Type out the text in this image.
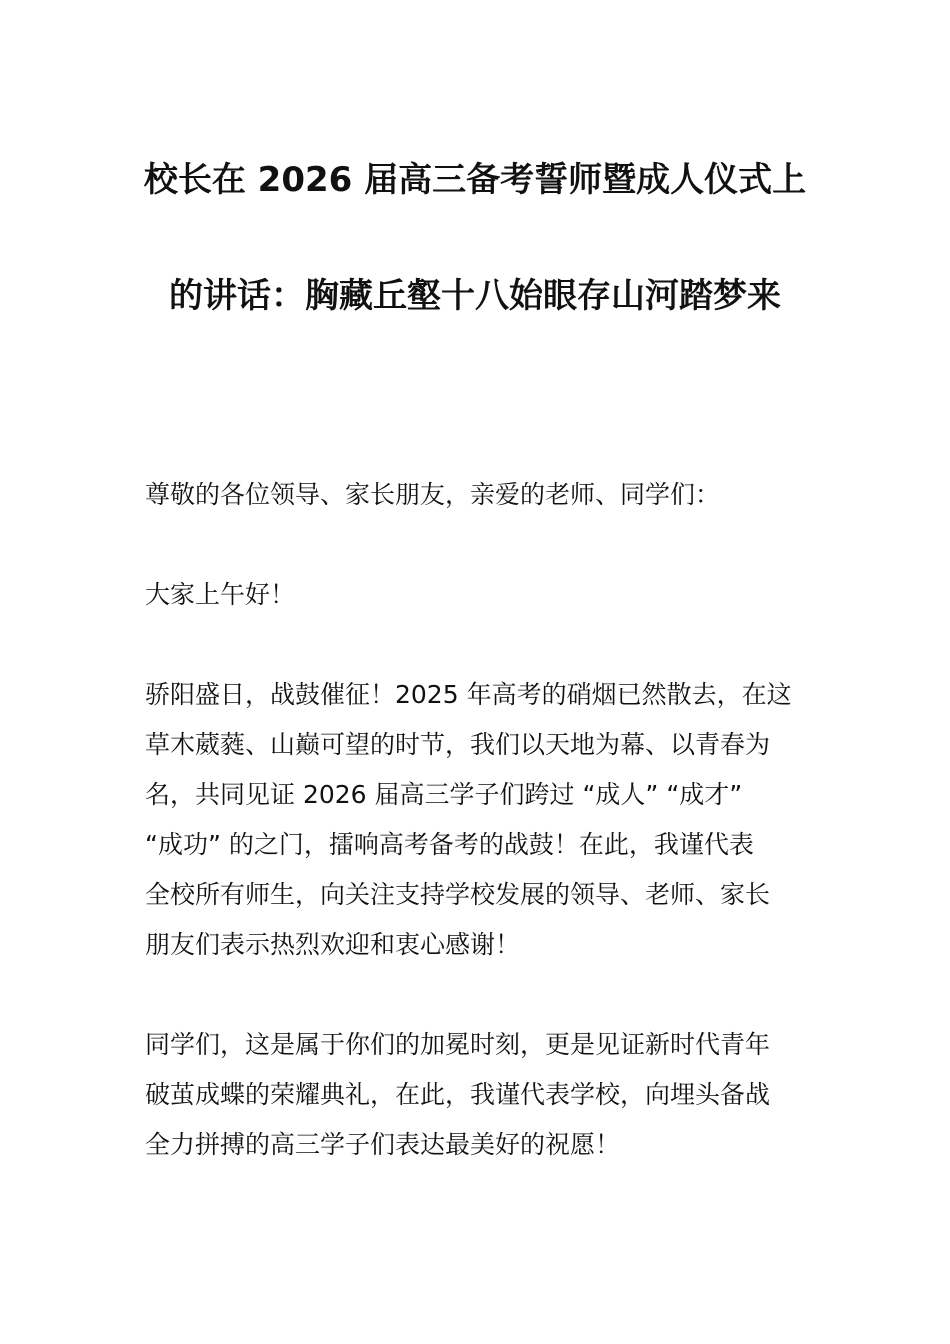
校长在 2026 届高三备考誓师暨成人仪式上
的讲话：胸藏丘壑十八始眼存山河踏梦来

尊敬的各位领导、家长朋友，亲爱的老师、同学们：

大家上午好！

骄阳盛日，战鼓催征！2025 年高考的硝烟已然散去，在这
草木葳蕤、山巅可望的时节，我们以天地为幕、以青春为
名，共同见证 2026 届高三学子们跨过 “成人” “成才”
“成功” 的之门，擂响高考备考的战鼓！在此，我谨代表
全校所有师生，向关注支持学校发展的领导、老师、家长
朋友们表示热烈欢迎和衷心感谢！

同学们，这是属于你们的加冕时刻，更是见证新时代青年
破茧成蝶的荣耀典礼，在此，我谨代表学校，向埋头备战
全力拼搏的高三学子们表达最美好的祝愿！
